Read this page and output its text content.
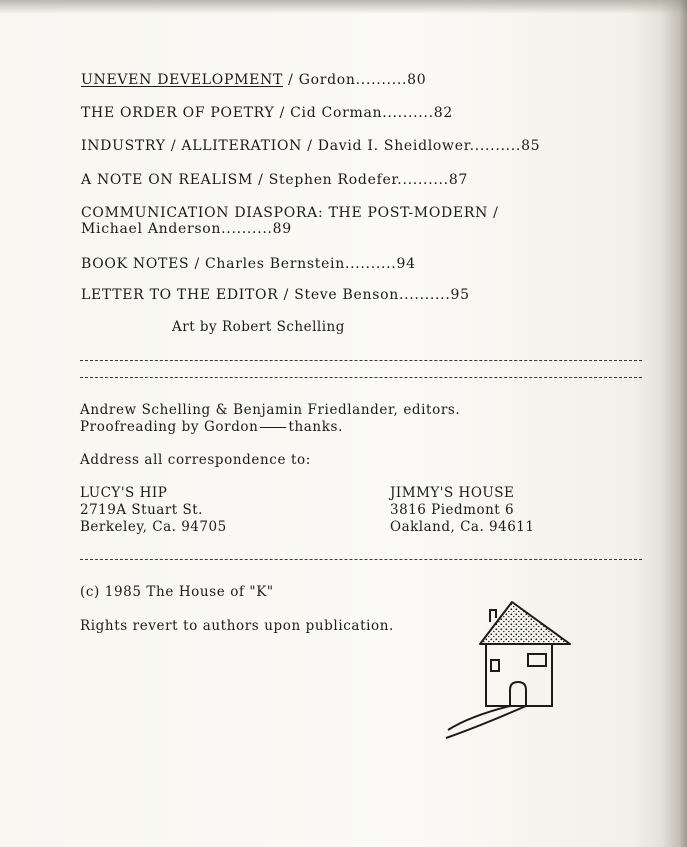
UNEVEN DEVELOPMENT / Gordon..........80
THE ORDER OF POETRY / Cid Corman..........82
INDUSTRY / ALLITERATION / David I. Sheidlower..........85
A NOTE ON REALISM / Stephen Rodefer..........87
COMMUNICATION DIASPORA: THE POST-MODERN /
Michael Anderson..........89
BOOK NOTES / Charles Bernstein..........94
LETTER TO THE EDITOR / Steve Benson..........95
Art by Robert Schelling
Andrew Schelling & Benjamin Friedlander, editors.
Proofreading by Gordon thanks.
Address all correspondence to:
LUCY'S HIP
2719A Stuart St.
Berkeley, Ca. 94705
JIMMY'S HOUSE
3816 Piedmont 6
Oakland, Ca. 94611
(c) 1985 The House of "K"
Rights revert to authors upon publication.
